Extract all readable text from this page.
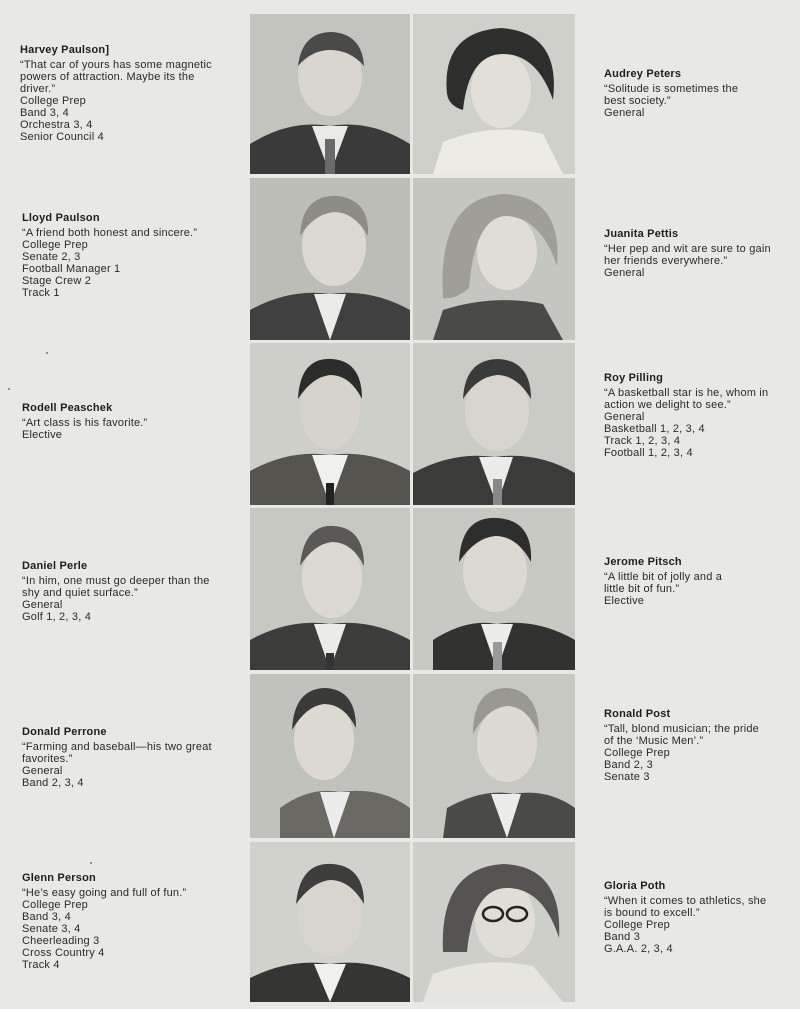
Harvey Paulson]
“That car of yours has some magnetic
powers of attraction. Maybe its the
driver.”
College Prep
Band 3, 4
Orchestra 3, 4
Senior Council 4
Lloyd Paulson
“A friend both honest and sincere.”
College Prep
Senate 2, 3
Football Manager 1
Stage Crew 2
Track 1
Rodell Peaschek
“Art class is his favorite.”
Elective
Daniel Perle
“In him, one must go deeper than the
shy and quiet surface.”
General
Golf 1, 2, 3, 4
Donald Perrone
“Farming and baseball—his two great
favorites.”
General
Band 2, 3, 4
Glenn Person
“He’s easy going and full of fun.”
College Prep
Band 3, 4
Senate 3, 4
Cheerleading 3
Cross Country 4
Track 4
Audrey Peters
“Solitude is sometimes the
best society.”
General
Juanita Pettis
“Her pep and wit are sure to gain
her friends everywhere.”
General
Roy Pilling
“A basketball star is he, whom in
action we delight to see.”
General
Basketball 1, 2, 3, 4
Track 1, 2, 3, 4
Football 1, 2, 3, 4
Jerome Pitsch
“A little bit of jolly and a
little bit of fun.”
Elective
Ronald Post
“Tall, blond musician; the pride
of the ‘Music Men’.”
College Prep
Band 2, 3
Senate 3
Gloria Poth
“When it comes to athletics, she
is bound to excell.”
College Prep
Band 3
G.A.A. 2, 3, 4
